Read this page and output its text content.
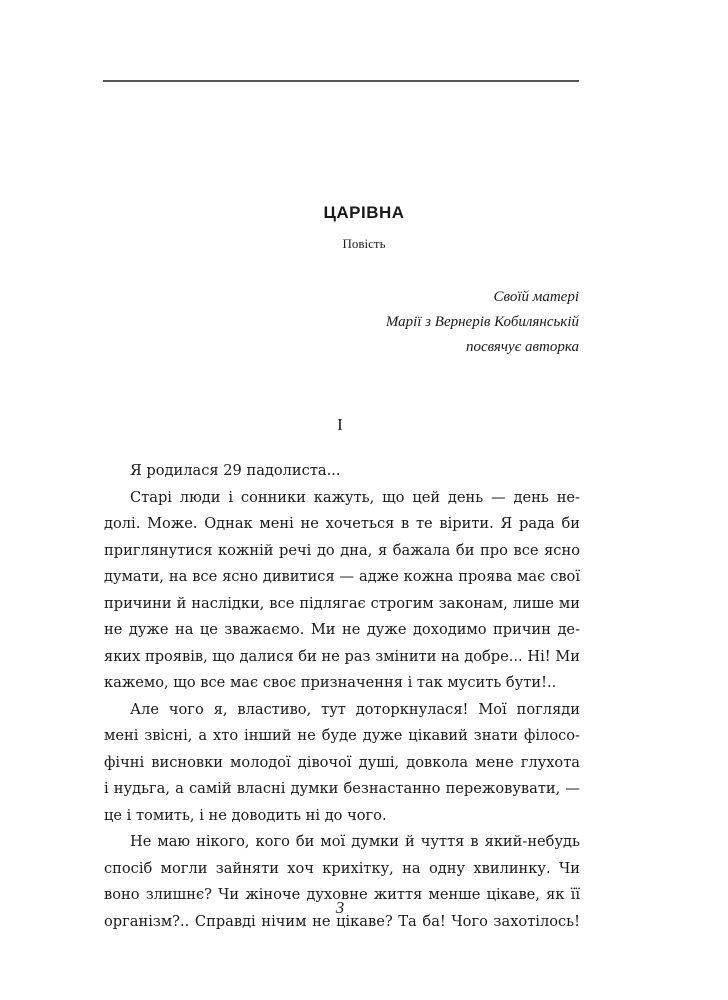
ЦАРІВНА
Повість
Своїй матері
Марії з Вернерів Кобилянській
посвячує авторка
I
Я родилася 29 падолиста...
Старі люди і сонники кажуть, що цей день — день не-
долі. Може. Однак мені не хочеться в те вірити. Я рада би
приглянутися кожній речі до дна, я бажала би про все ясно
думати, на все ясно дивитися — адже кожна проява має свої
причини й наслідки, все підлягає строгим законам, лише ми
не дуже на це зважаємо. Ми не дуже доходимо причин де-
яких проявів, що далися би не раз змінити на добре... Ні! Ми
кажемо, що все має своє призначення і так мусить бути!..
Але чого я, властиво, тут доторкнулася! Мої погляди
мені звісні, а хто інший не буде дуже цікавий знати філосо-
фічні висновки молодої дівочої душі, довкола мене глухота
і нудьга, а самій власні думки безнастанно пережовувати, —
це і томить, і не доводить ні до чого.
Не маю нікого, кого би мої думки й чуття в який-небудь
спосіб могли зайняти хоч крихітку, на одну хвилинку. Чи
воно злишнє? Чи жіноче духовне життя менше цікаве, як її
організм?.. Справді нічим не цікаве? Та ба! Чого захотілось!
3
